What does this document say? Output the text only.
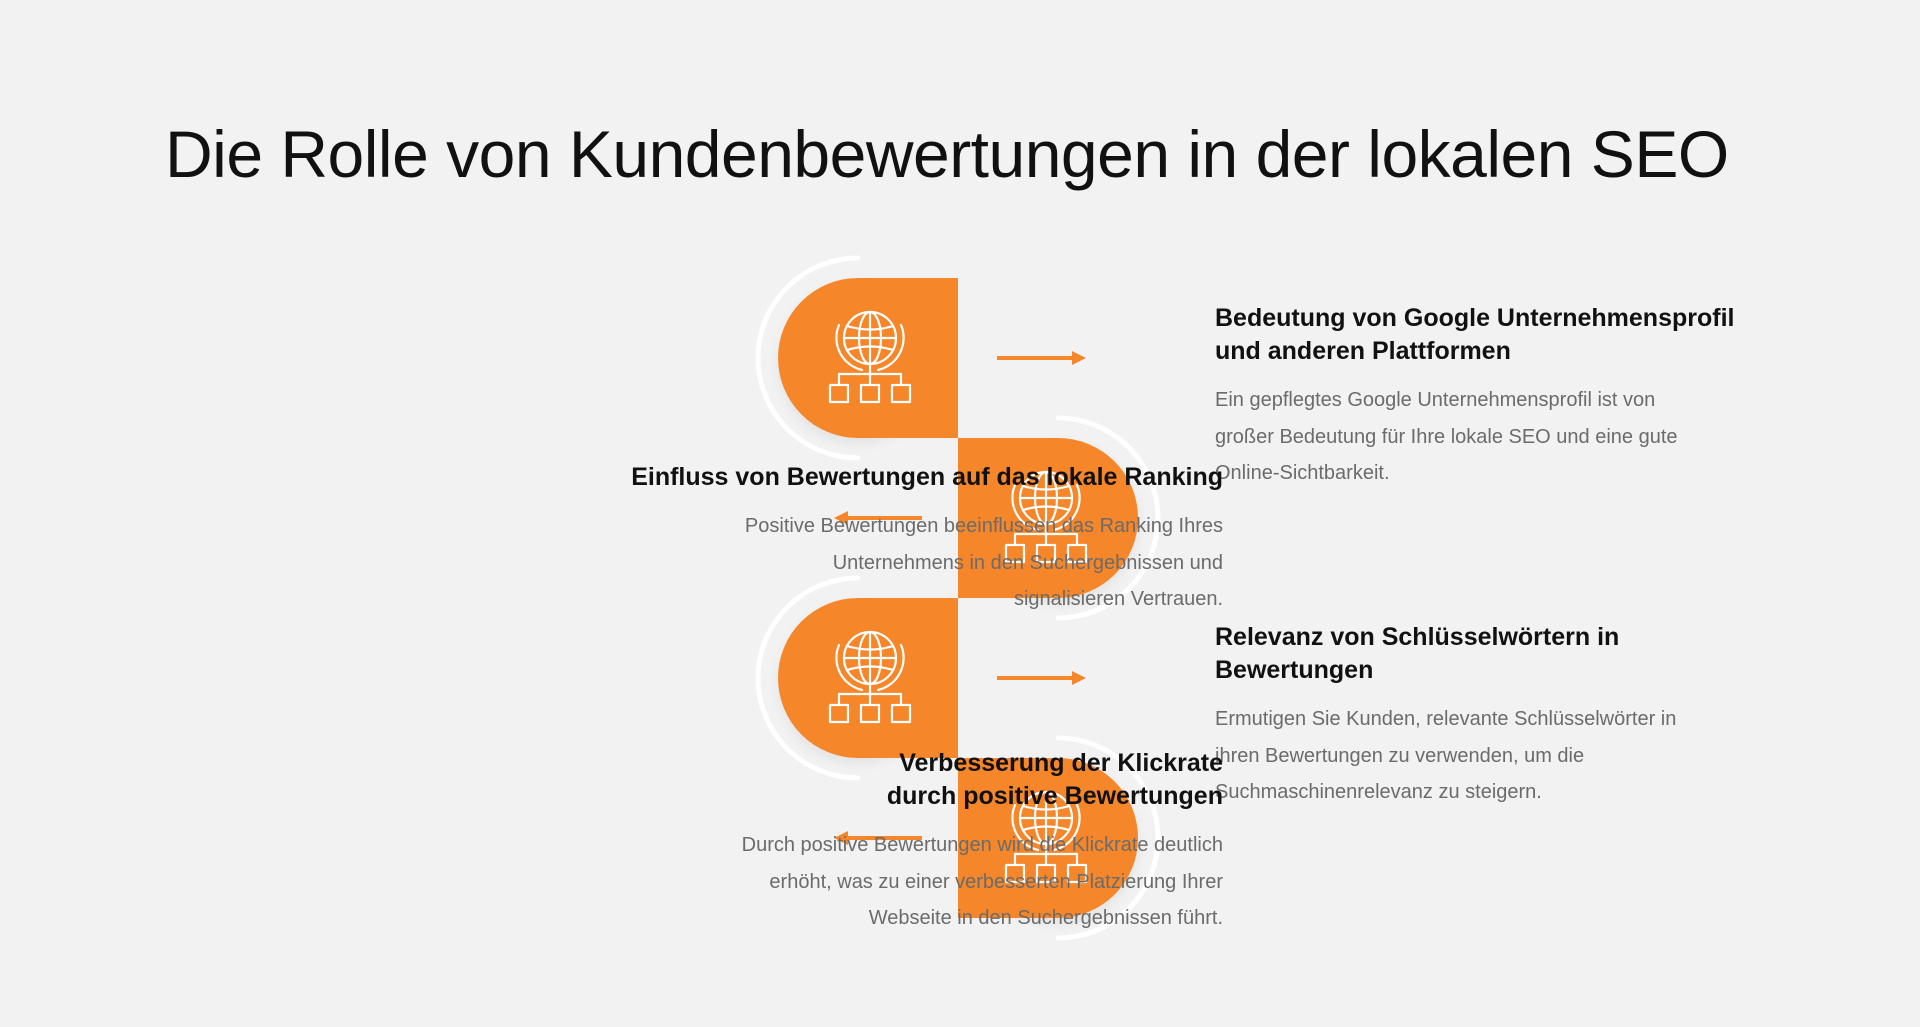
Die Rolle von Kundenbewertungen in der lokalen SEO
Bedeutung von Google Unternehmensprofil
und anderen Plattformen

Ein gepflegtes Google Unternehmensprofil ist von
großer Bedeutung für Ihre lokale SEO und eine gute
Online-Sichtbarkeit.

Einfluss von Bewertungen auf das lokale Ranking

Positive Bewertungen beeinflussen das Ranking Ihres
Unternehmens in den Suchergebnissen und
signalisieren Vertrauen.

Relevanz von Schlüsselwörtern in Bewertungen

Ermutigen Sie Kunden, relevante Schlüsselwörter in
ihren Bewertungen zu verwenden, um die
Suchmaschinenrelevanz zu steigern.

Verbesserung der Klickrate
durch positive Bewertungen

Durch positive Bewertungen wird die Klickrate deutlich
erhöht, was zu einer verbesserten Platzierung Ihrer
Webseite in den Suchergebnissen führt.
